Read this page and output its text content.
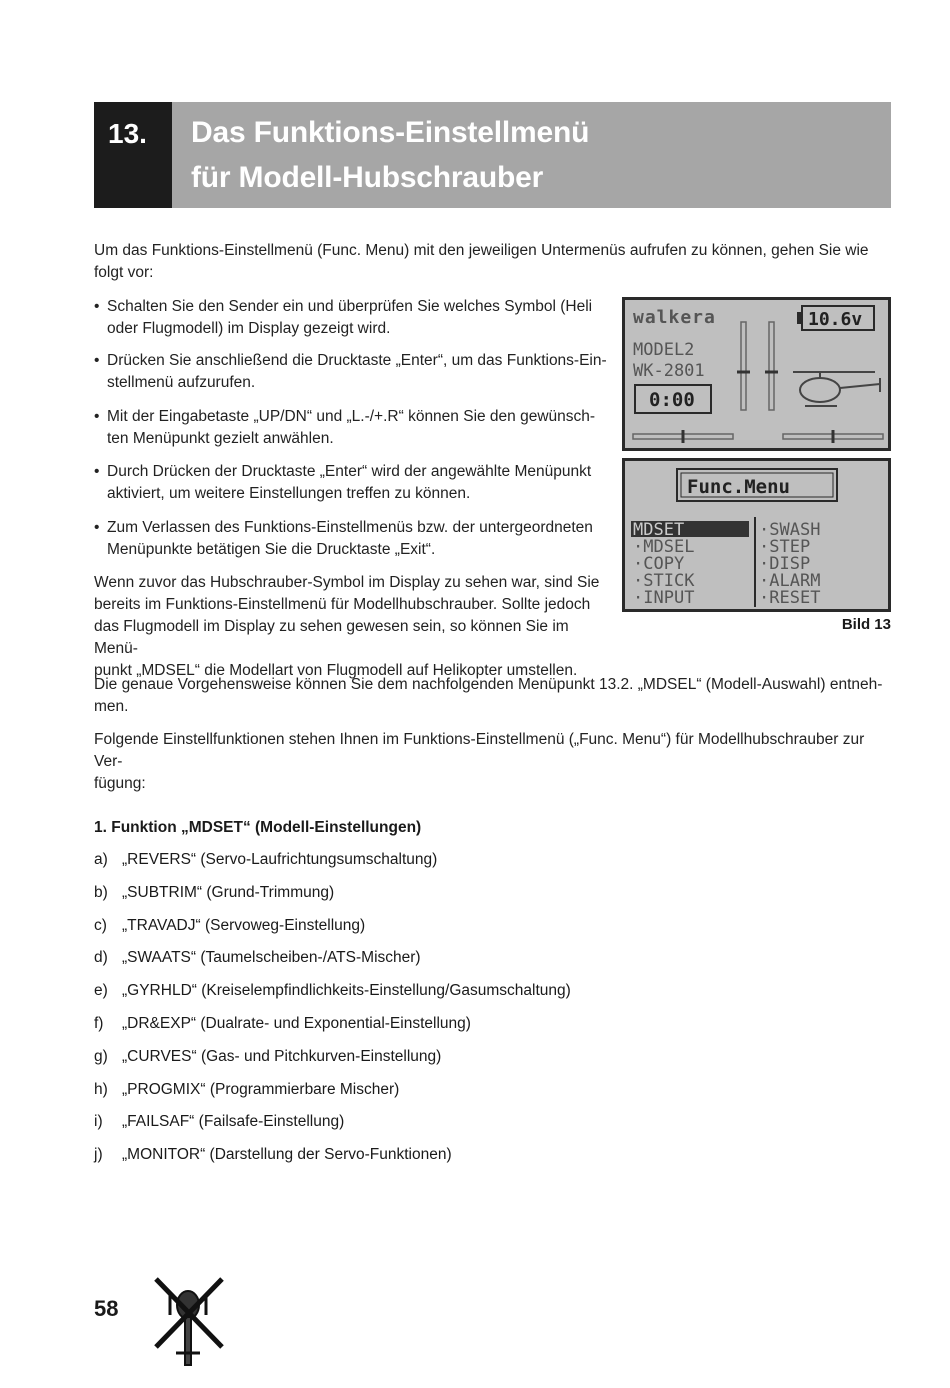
13. Das Funktions-Einstellmenü
für Modell-Hubschrauber
Um das Funktions-Einstellmenü (Func. Menu) mit den jeweiligen Untermenüs aufrufen zu können, gehen Sie wie
folgt vor:
• Schalten Sie den Sender ein und überprüfen Sie welches Symbol (Heli
oder Flugmodell) im Display gezeigt wird.
• Drücken Sie anschließend die Drucktaste „Enter“, um das Funktions-Ein-
stellmenü aufzurufen.
• Mit der Eingabetaste „UP/DN“ und „L.-/+.R“ können Sie den gewünsch-
ten Menüpunkt gezielt anwählen.
• Durch Drücken der Drucktaste „Enter“ wird der angewählte Menüpunkt
aktiviert, um weitere Einstellungen treffen zu können.
• Zum Verlassen des Funktions-Einstellmenüs bzw. der untergeordneten
Menüpunkte betätigen Sie die Drucktaste „Exit“.
Wenn zuvor das Hubschrauber-Symbol im Display zu sehen war, sind Sie
bereits im Funktions-Einstellmenü für Modellhubschrauber. Sollte jedoch
das Flugmodell im Display zu sehen gewesen sein, so können Sie im Menü-
punkt „MDSEL“ die Modellart von Flugmodell auf Helikopter umstellen.
walkera	10.6v
MODEL2
WK-2801
0:00
Func.Menu
MDSET
·MDSEL
·COPY
·STICK
·INPUT
·SWASH
·STEP
·DISP
·ALARM
·RESET
Bild 13
Die genaue Vorgehensweise können Sie dem nachfolgenden Menüpunkt 13.2. „MDSEL“ (Modell-Auswahl) entneh-
men.
Folgende Einstellfunktionen stehen Ihnen im Funktions-Einstellmenü („Func. Menu“) für Modellhubschrauber zur Ver-
fügung:
1. Funktion „MDSET“ (Modell-Einstellungen)
a) „REVERS“ (Servo-Laufrichtungsumschaltung)
b) „SUBTRIM“ (Grund-Trimmung)
c) „TRAVADJ“ (Servoweg-Einstellung)
d) „SWAATS“ (Taumelscheiben-/ATS-Mischer)
e) „GYRHLD“ (Kreiselempfindlichkeits-Einstellung/Gasumschaltung)
f) „DR&EXP“ (Dualrate- und Exponential-Einstellung)
g) „CURVES“ (Gas- und Pitchkurven-Einstellung)
h) „PROGMIX“ (Programmierbare Mischer)
i) „FAILSAF“ (Failsafe-Einstellung)
j) „MONITOR“ (Darstellung der Servo-Funktionen)
58
